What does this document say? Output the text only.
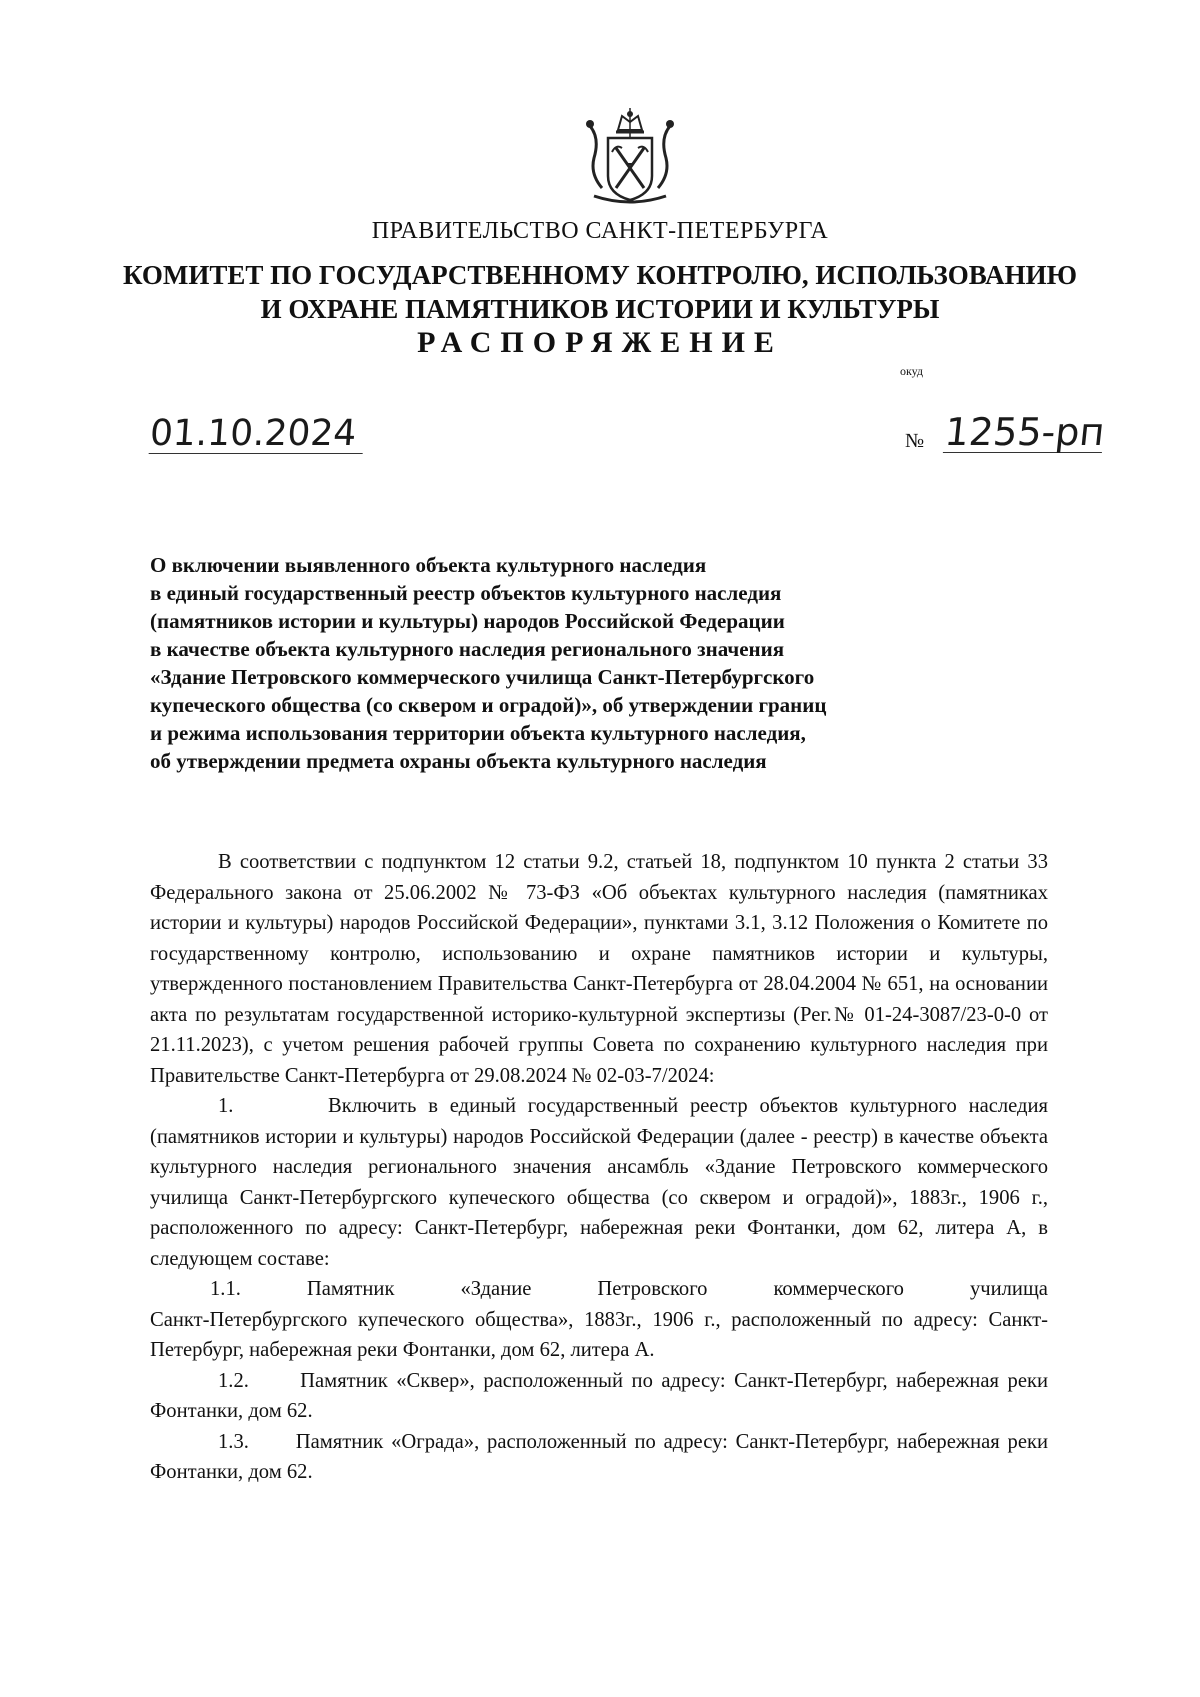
ПРАВИТЕЛЬСТВО САНКТ-ПЕТЕРБУРГА
КОМИТЕТ ПО ГОСУДАРСТВЕННОМУ КОНТРОЛЮ, ИСПОЛЬЗОВАНИЮ
И ОХРАНЕ ПАМЯТНИКОВ ИСТОРИИ И КУЛЬТУРЫ
РАСПОРЯЖЕНИЕ
окуд
01.10.2024	№ 1255-рп
О включении выявленного объекта культурного наследия
в единый государственный реестр объектов культурного наследия
(памятников истории и культуры) народов Российской Федерации
в качестве объекта культурного наследия регионального значения
«Здание Петровского коммерческого училища Санкт-Петербургского
купеческого общества (со сквером и оградой)», об утверждении границ
и режима использования территории объекта культурного наследия,
об утверждении предмета охраны объекта культурного наследия

В соответствии с подпунктом 12 статьи 9.2, статьей 18, подпунктом 10 пункта 2 статьи 33 Федерального закона от 25.06.2002 № 73-ФЗ «Об объектах культурного наследия (памятниках истории и культуры) народов Российской Федерации», пунктами 3.1, 3.12 Положения о Комитете по государственному контролю, использованию и охране памятников истории и культуры, утвержденного постановлением Правительства Санкт-Петербурга от 28.04.2004 № 651, на основании акта по результатам государственной историко-культурной экспертизы (Рег.№ 01-24-3087/23-0-0 от 21.11.2023), с учетом решения рабочей группы Совета по сохранению культурного наследия при Правительстве Санкт-Петербурга от 29.08.2024 № 02-03-7/2024:

1.	Включить в единый государственный реестр объектов культурного наследия (памятников истории и культуры) народов Российской Федерации (далее - реестр) в качестве объекта культурного наследия регионального значения ансамбль «Здание Петровского коммерческого училища Санкт-Петербургского купеческого общества (со сквером и оградой)», 1883г., 1906 г., расположенного по адресу: Санкт-Петербург, набережная реки Фонтанки, дом 62, литера А, в следующем составе:

1.1.	Памятник	«Здание	Петровского	коммерческого	училища

Санкт-Петербургского купеческого общества», 1883г., 1906 г., расположенный по адресу: Санкт-Петербург, набережная реки Фонтанки, дом 62, литера А.

1.2.      Памятник «Сквер», расположенный по адресу: Санкт-Петербург, набережная реки Фонтанки, дом 62.

1.3.      Памятник «Ограда», расположенный по адресу: Санкт-Петербург, набережная реки Фонтанки, дом 62.
